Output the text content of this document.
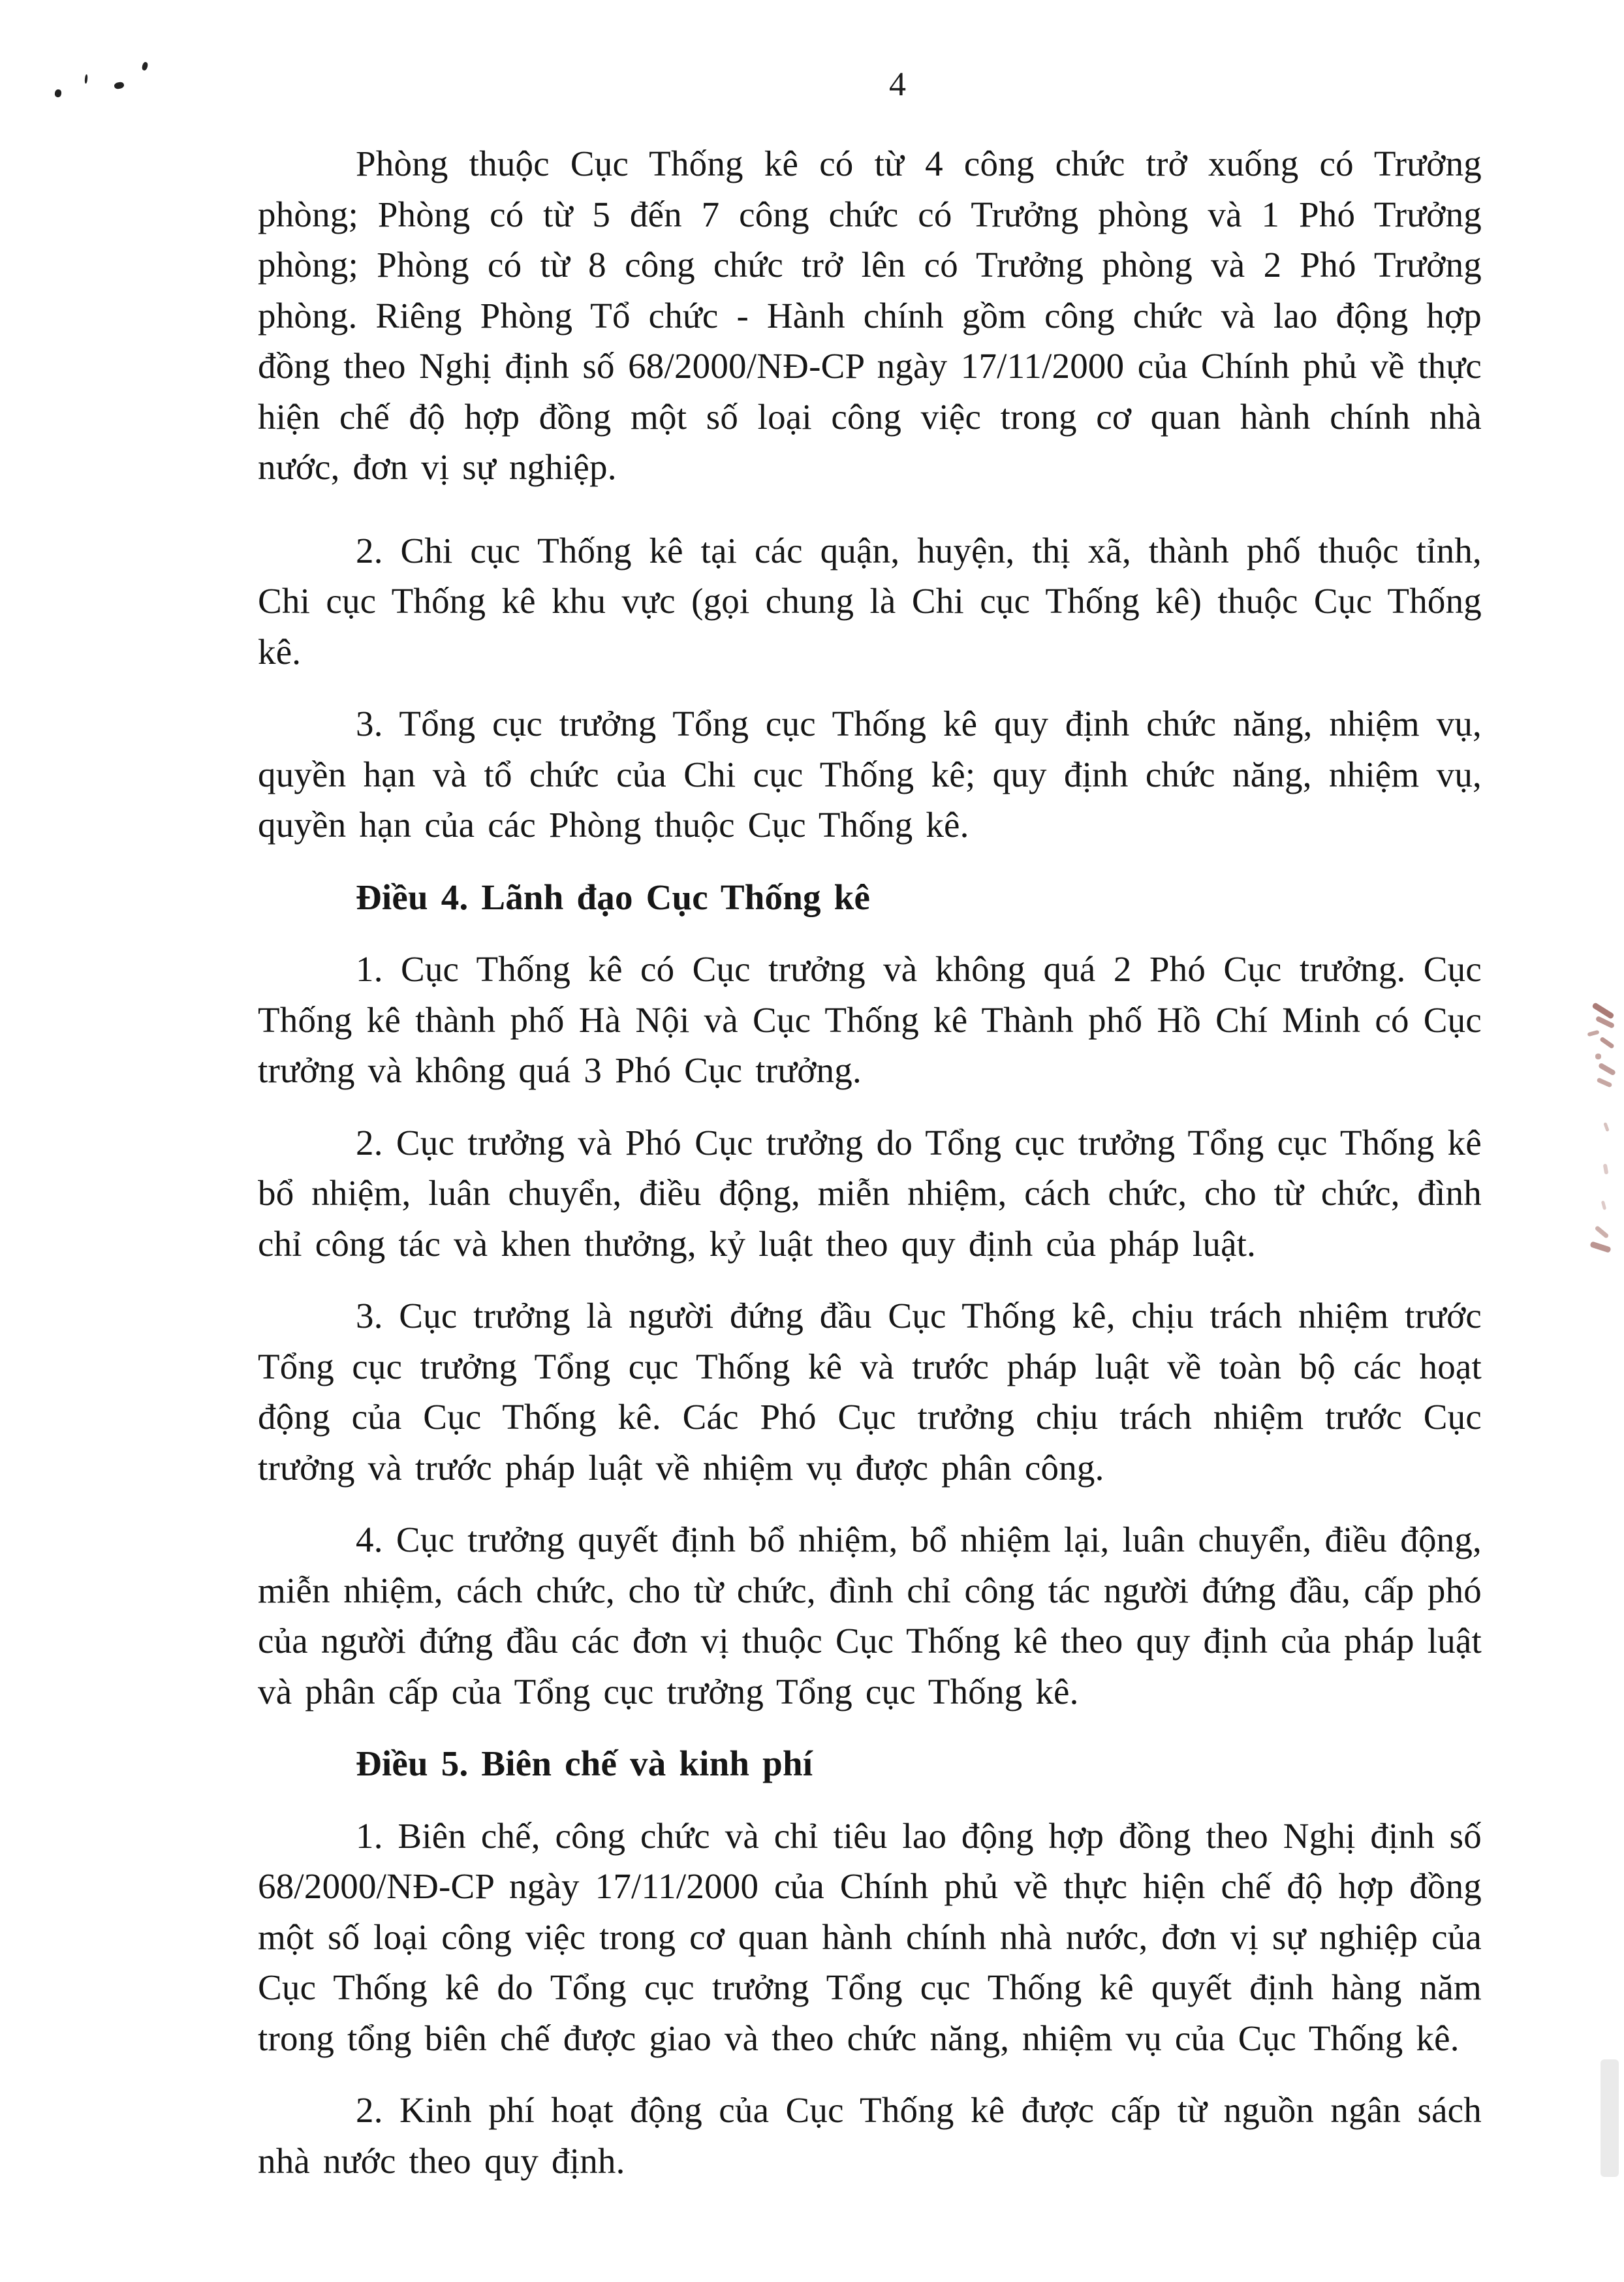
4

Phòng thuộc Cục Thống kê có từ 4 công chức trở xuống có Trưởng phòng; Phòng có từ 5 đến 7 công chức có Trưởng phòng và 1 Phó Trưởng phòng; Phòng có từ 8 công chức trở lên có Trưởng phòng và 2 Phó Trưởng phòng. Riêng Phòng Tổ chức - Hành chính gồm công chức và lao động hợp đồng theo Nghị định số 68/2000/NĐ-CP ngày 17/11/2000 của Chính phủ về thực hiện chế độ hợp đồng một số loại công việc trong cơ quan hành chính nhà nước, đơn vị sự nghiệp.

2. Chi cục Thống kê tại các quận, huyện, thị xã, thành phố thuộc tỉnh, Chi cục Thống kê khu vực (gọi chung là Chi cục Thống kê) thuộc Cục Thống kê.

3. Tổng cục trưởng Tổng cục Thống kê quy định chức năng, nhiệm vụ, quyền hạn và tổ chức của Chi cục Thống kê; quy định chức năng, nhiệm vụ, quyền hạn của các Phòng thuộc Cục Thống kê.

Điều 4. Lãnh đạo Cục Thống kê

1. Cục Thống kê có Cục trưởng và không quá 2 Phó Cục trưởng. Cục Thống kê thành phố Hà Nội và Cục Thống kê Thành phố Hồ Chí Minh có Cục trưởng và không quá 3 Phó Cục trưởng.

2. Cục trưởng và Phó Cục trưởng do Tổng cục trưởng Tổng cục Thống kê bổ nhiệm, luân chuyển, điều động, miễn nhiệm, cách chức, cho từ chức, đình chỉ công tác và khen thưởng, kỷ luật theo quy định của pháp luật.

3. Cục trưởng là người đứng đầu Cục Thống kê, chịu trách nhiệm trước Tổng cục trưởng Tổng cục Thống kê và trước pháp luật về toàn bộ các hoạt động của Cục Thống kê. Các Phó Cục trưởng chịu trách nhiệm trước Cục trưởng và trước pháp luật về nhiệm vụ được phân công.

4. Cục trưởng quyết định bổ nhiệm, bổ nhiệm lại, luân chuyển, điều động, miễn nhiệm, cách chức, cho từ chức, đình chỉ công tác người đứng đầu, cấp phó của người đứng đầu các đơn vị thuộc Cục Thống kê theo quy định của pháp luật và phân cấp của Tổng cục trưởng Tổng cục Thống kê.

Điều 5. Biên chế và kinh phí

1. Biên chế, công chức và chỉ tiêu lao động hợp đồng theo Nghị định số 68/2000/NĐ-CP ngày 17/11/2000 của Chính phủ về thực hiện chế độ hợp đồng một số loại công việc trong cơ quan hành chính nhà nước, đơn vị sự nghiệp của Cục Thống kê do Tổng cục trưởng Tổng cục Thống kê quyết định hàng năm trong tổng biên chế được giao và theo chức năng, nhiệm vụ của Cục Thống kê.

2. Kinh phí hoạt động của Cục Thống kê được cấp từ nguồn ngân sách nhà nước theo quy định.
